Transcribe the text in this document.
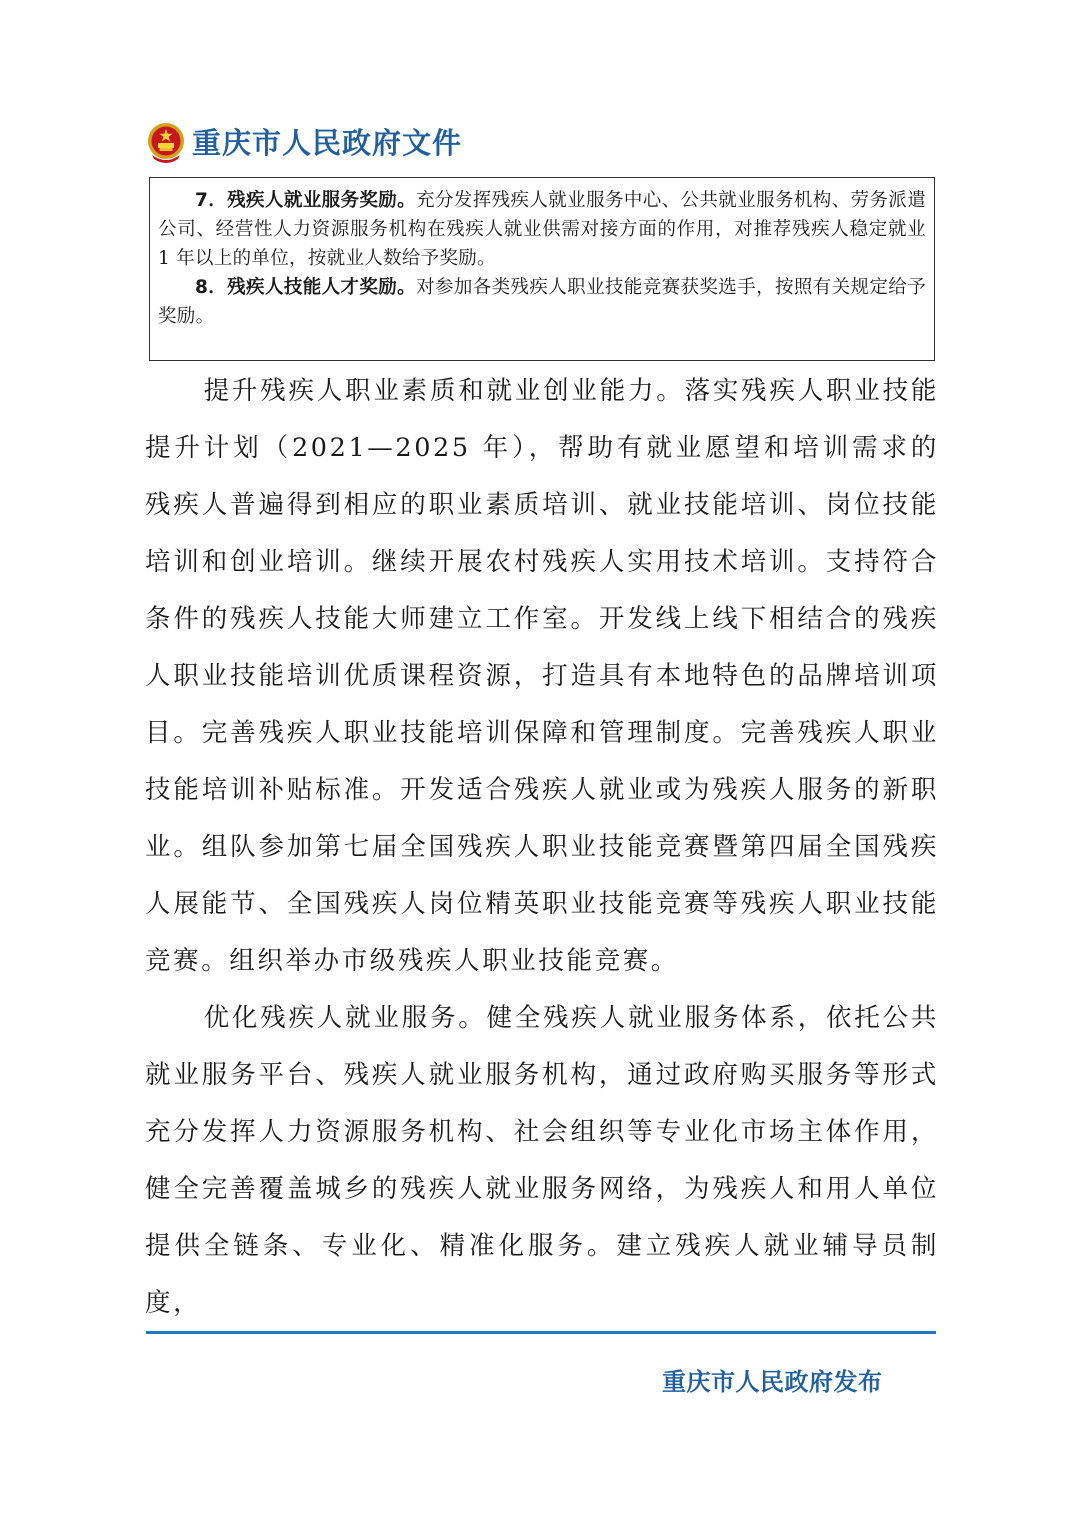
重庆市人民政府文件

7．残疾人就业服务奖励。充分发挥残疾人就业服务中心、公共就业服务机构、劳务派遣公司、经营性人力资源服务机构在残疾人就业供需对接方面的作用，对推荐残疾人稳定就业 1 年以上的单位，按就业人数给予奖励。

8．残疾人技能人才奖励。对参加各类残疾人职业技能竞赛获奖选手，按照有关规定给予奖励。

提升残疾人职业素质和就业创业能力。落实残疾人职业技能提升计划（2021—2025 年），帮助有就业愿望和培训需求的残疾人普遍得到相应的职业素质培训、就业技能培训、岗位技能培训和创业培训。继续开展农村残疾人实用技术培训。支持符合条件的残疾人技能大师建立工作室。开发线上线下相结合的残疾人职业技能培训优质课程资源，打造具有本地特色的品牌培训项目。完善残疾人职业技能培训保障和管理制度。完善残疾人职业技能培训补贴标准。开发适合残疾人就业或为残疾人服务的新职业。组队参加第七届全国残疾人职业技能竞赛暨第四届全国残疾人展能节、全国残疾人岗位精英职业技能竞赛等残疾人职业技能竞赛。组织举办市级残疾人职业技能竞赛。

优化残疾人就业服务。健全残疾人就业服务体系，依托公共就业服务平台、残疾人就业服务机构，通过政府购买服务等形式充分发挥人力资源服务机构、社会组织等专业化市场主体作用，健全完善覆盖城乡的残疾人就业服务网络，为残疾人和用人单位提供全链条、专业化、精准化服务。建立残疾人就业辅导员制度，

重庆市人民政府发布
